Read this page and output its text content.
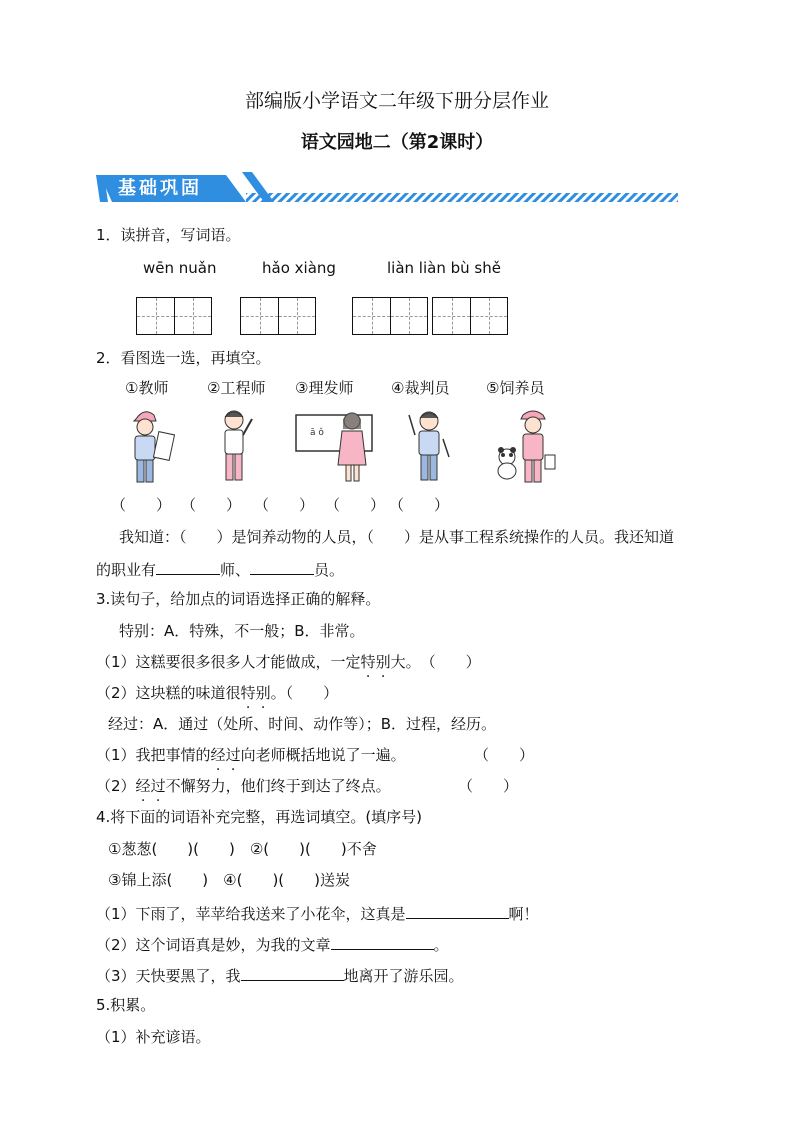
部编版小学语文二年级下册分层作业
语文园地二（第2课时）
基础巩固
1．读拼音，写词语。
wēn nuǎn	hǎo xiàng	liàn liàn bù shě
2．看图选一选，再填空。
①教师	②工程师 ③理发师	④裁判员 ⑤饲养员
ā ǒ
（　　） （　　） （　　） （　　） （　　）
我知道：（　　）是饲养动物的人员，（　　）是从事工程系统操作的人员。我还知道
的职业有	师、	员。
3.读句子，给加点的词语选择正确的解释。
特别：A．特殊，不一般；B．非常。
（1）这糕要很多很多人才能做成，一定特别大。　（　　）
（2）这块糕的味道很特别。（　　）
经过：A．通过（处所、时间、动作等）；B．过程，经历。
（1）我把事情的经过向老师概括地说了一遍。	（　　）
（2）经过不懈努力，他们终于到达了终点。	（　　）
4.将下面的词语补充完整，再选词填空。(填序号)
①葱葱(　　)(　　)　②(　　)(　　)不舍
③锦上添(　　)　④(　　)(　　)送炭
（1）下雨了，苹苹给我送来了小花伞，这真是	啊！
（2）这个词语真是妙，为我的文章	。
（3）天快要黑了，我	地离开了游乐园。
5.积累。
（1）补充谚语。
